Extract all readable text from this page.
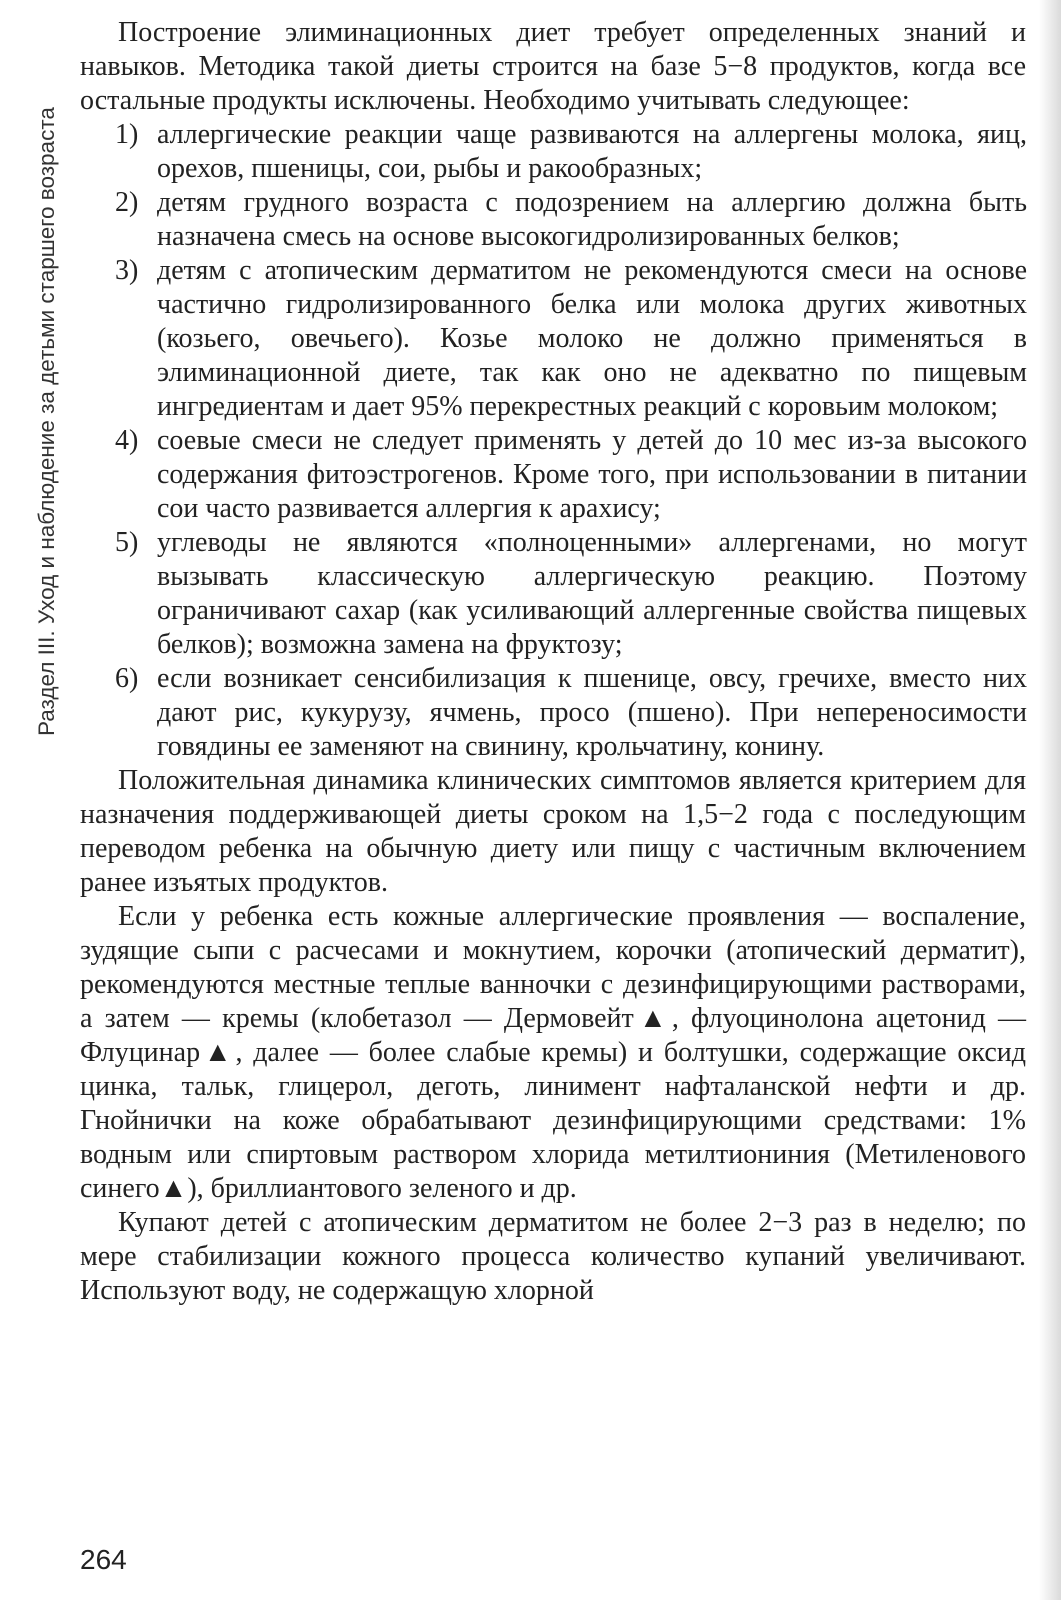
Раздел III. Уход и наблюдение за детьми старшего возраста

Построение элиминационных диет требует определенных знаний и навыков. Методика такой диеты строится на базе 5−8 продуктов, когда все остальные продукты исключены. Необходимо учитывать следующее:

1) аллергические реакции чаще развиваются на аллергены молока, яиц, орехов, пшеницы, сои, рыбы и ракообразных;
2) детям грудного возраста с подозрением на аллергию должна быть назначена смесь на основе высокогидролизированных белков;
3) детям с атопическим дерматитом не рекомендуются смеси на основе частично гидролизированного белка или молока других животных (козьего, овечьего). Козье молоко не должно применяться в элиминационной диете, так как оно не адекватно по пищевым ингредиентам и дает 95% перекрестных реакций с коровьим молоком;
4) соевые смеси не следует применять у детей до 10 мес из-за высокого содержания фитоэстрогенов. Кроме того, при использовании в питании сои часто развивается аллергия к арахису;
5) углеводы не являются «полноценными» аллергенами, но могут вызывать классическую аллергическую реакцию. Поэтому ограничивают сахар (как усиливающий аллергенные свойства пищевых белков); возможна замена на фруктозу;
6) если возникает сенсибилизация к пшенице, овсу, гречихе, вместо них дают рис, кукурузу, ячмень, просо (пшено). При непереносимости говядины ее заменяют на свинину, крольчатину, конину.

Положительная динамика клинических симптомов является критерием для назначения поддерживающей диеты сроком на 1,5−2 года с последующим переводом ребенка на обычную диету или пищу с частичным включением ранее изъятых продуктов.

Если у ребенка есть кожные аллергические проявления — воспаление, зудящие сыпи с расчесами и мокнутием, корочки (атопический дерматит), рекомендуются местные теплые ванночки с дезинфицирующими растворами, а затем — кремы (клобетазол — Дермовейт▲, флуоцинолона ацетонид — Флуцинар▲, далее — более слабые кремы) и болтушки, содержащие оксид цинка, тальк, глицерол, деготь, линимент нафталанской нефти и др. Гнойнички на коже обрабатывают дезинфицирующими средствами: 1% водным или спиртовым раствором хлорида метилтиониния (Метиленового синего▲), бриллиантового зеленого и др.

Купают детей с атопическим дерматитом не более 2−3 раз в неделю; по мере стабилизации кожного процесса количество купаний увеличивают. Используют воду, не содержащую хлорной

264
